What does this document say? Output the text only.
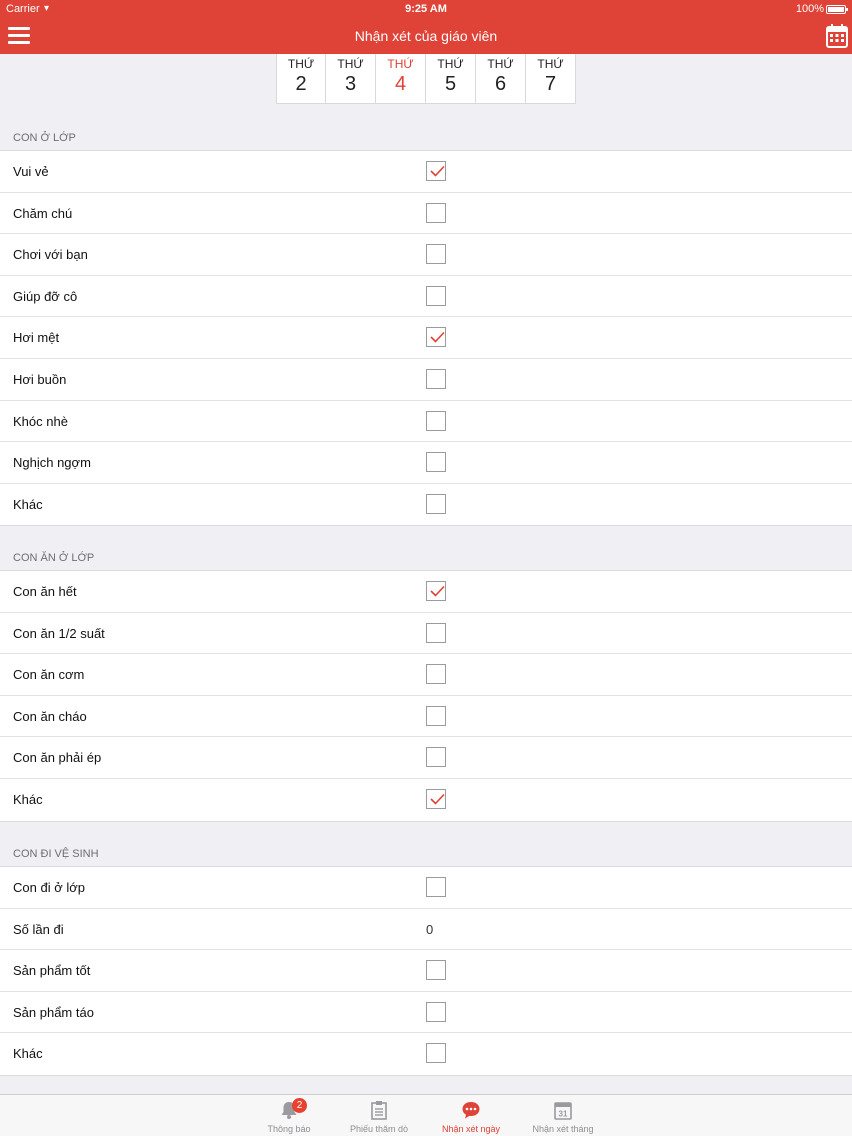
Carrier ▾	9:25 AM	100%
Nhận xét của giáo viên
THỨ
2
THỨ
3
THỨ
4
THỨ
5
THỨ
6
THỨ
7
CON Ở LỚP
Vui vẻ
Chăm chú
Chơi với bạn
Giúp đỡ cô
Hơi mệt
Hơi buồn
Khóc nhè
Nghịch ngợm
Khác
CON ĂN Ở LỚP
Con ăn hết
Con ăn 1/2 suất
Con ăn cơm
Con ăn cháo
Con ăn phải ép
Khác
CON ĐI VỆ SINH
Con đi ở lớp
Số lần đi	0
Sản phẩm tốt
Sản phẩm táo
Khác
2
Thông báo	Phiếu thăm dò	Nhận xét ngày
31
Nhận xét tháng
